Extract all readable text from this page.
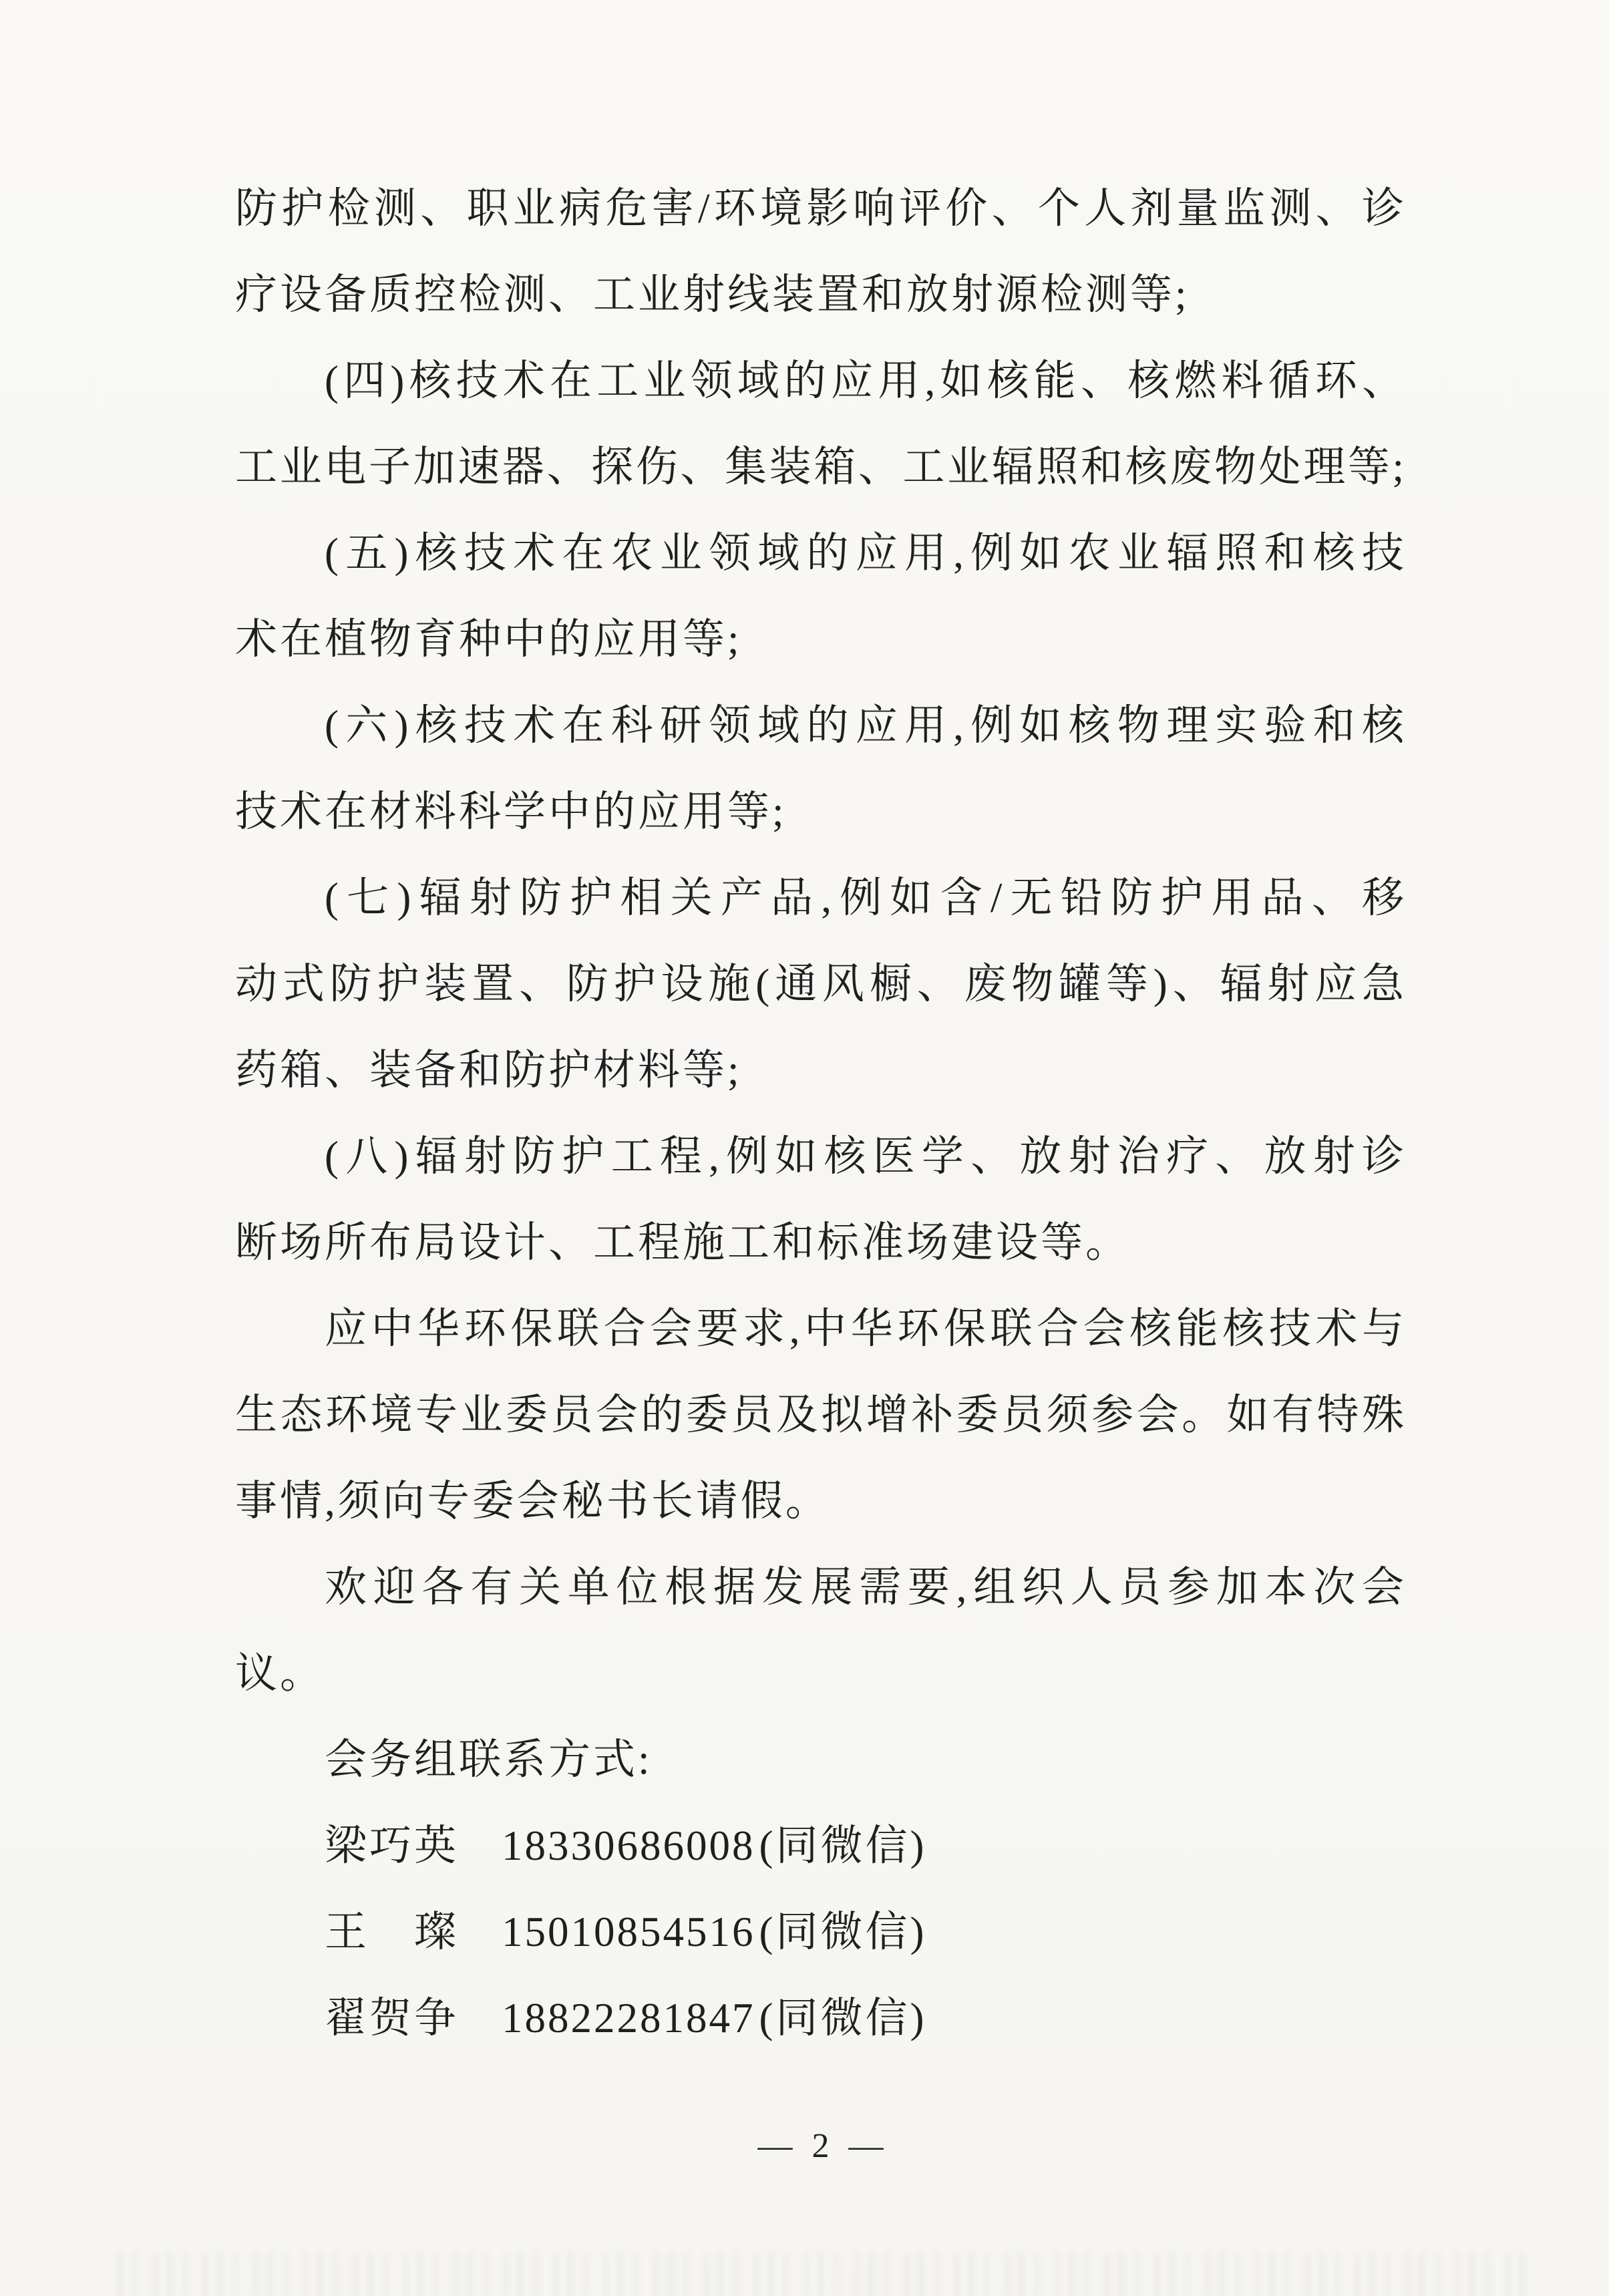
防护检测、职业病危害/环境影响评价、个人剂量监测、诊
疗设备质控检测、工业射线装置和放射源检测等;
(四)核技术在工业领域的应用,如核能、核燃料循环、
工业电子加速器、探伤、集装箱、工业辐照和核废物处理等;
(五)核技术在农业领域的应用,例如农业辐照和核技
术在植物育种中的应用等;
(六)核技术在科研领域的应用,例如核物理实验和核
技术在材料科学中的应用等;
(七)辐射防护相关产品,例如含/无铅防护用品、移
动式防护装置、防护设施(通风橱、废物罐等)、辐射应急
药箱、装备和防护材料等;
(八)辐射防护工程,例如核医学、放射治疗、放射诊
断场所布局设计、工程施工和标准场建设等。
应中华环保联合会要求,中华环保联合会核能核技术与
生态环境专业委员会的委员及拟增补委员须参会。如有特殊
事情,须向专委会秘书长请假。
欢迎各有关单位根据发展需要,组织人员参加本次会
议。
会务组联系方式:
梁巧英 18330686008(同微信)
王　璨 15010854516(同微信)
翟贺争 18822281847(同微信)
— 2 —
